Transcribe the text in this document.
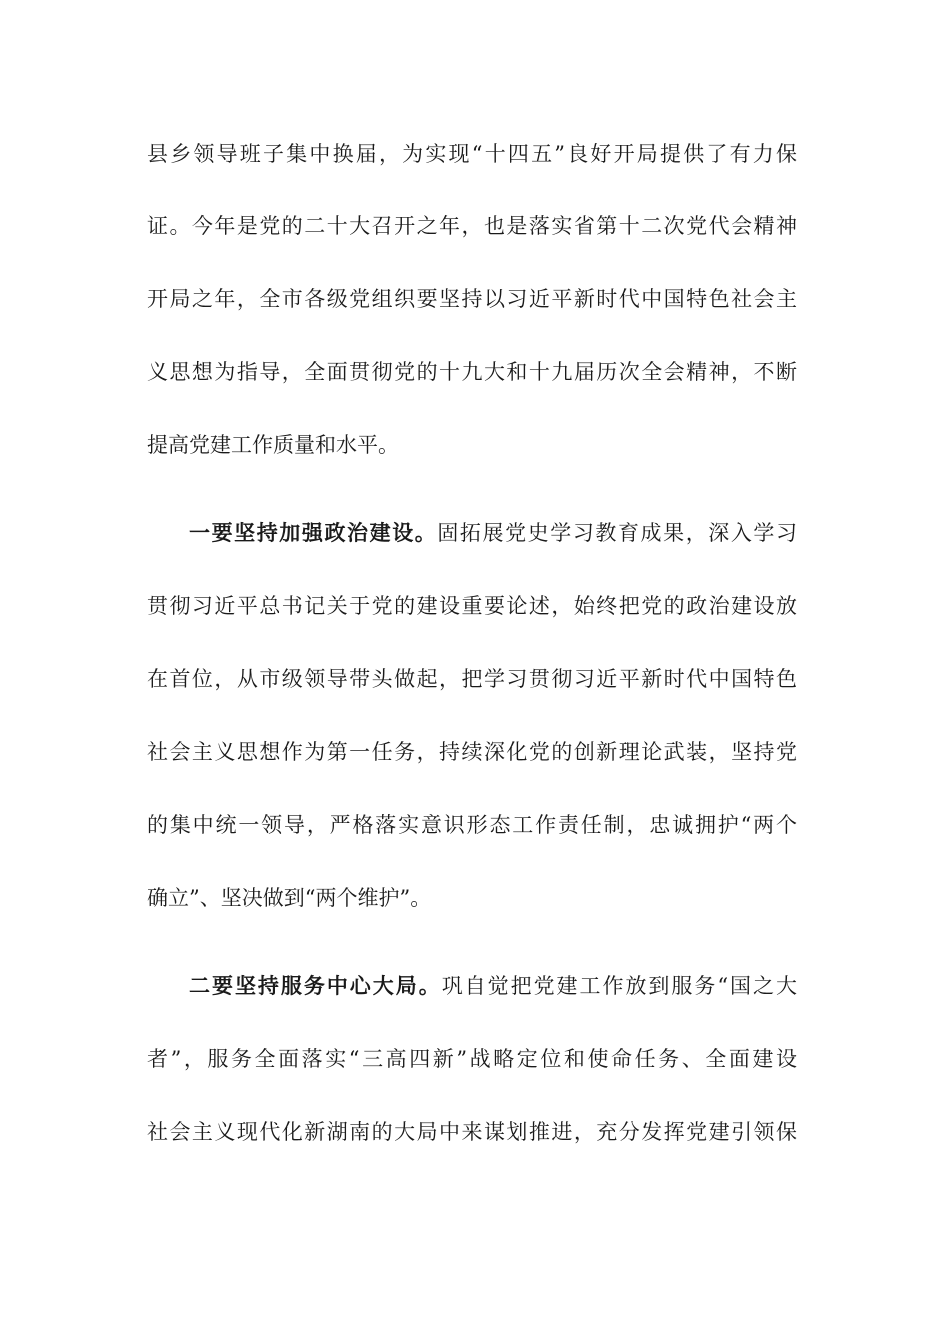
县乡领导班子集中换届，为实现“十四五”良好开局提供了有力保
证。今年是党的二十大召开之年，也是落实省第十二次党代会精神
开局之年，全市各级党组织要坚持以习近平新时代中国特色社会主
义思想为指导，全面贯彻党的十九大和十九届历次全会精神，不断
提高党建工作质量和水平。
一要坚持加强政治建设。固拓展党史学习教育成果，深入学习
贯彻习近平总书记关于党的建设重要论述，始终把党的政治建设放
在首位，从市级领导带头做起，把学习贯彻习近平新时代中国特色
社会主义思想作为第一任务，持续深化党的创新理论武装，坚持党
的集中统一领导，严格落实意识形态工作责任制，忠诚拥护“两个
确立”、坚决做到“两个维护”。
二要坚持服务中心大局。巩自觉把党建工作放到服务“国之大
者”，服务全面落实“三高四新”战略定位和使命任务、全面建设
社会主义现代化新湖南的大局中来谋划推进，充分发挥党建引领保
